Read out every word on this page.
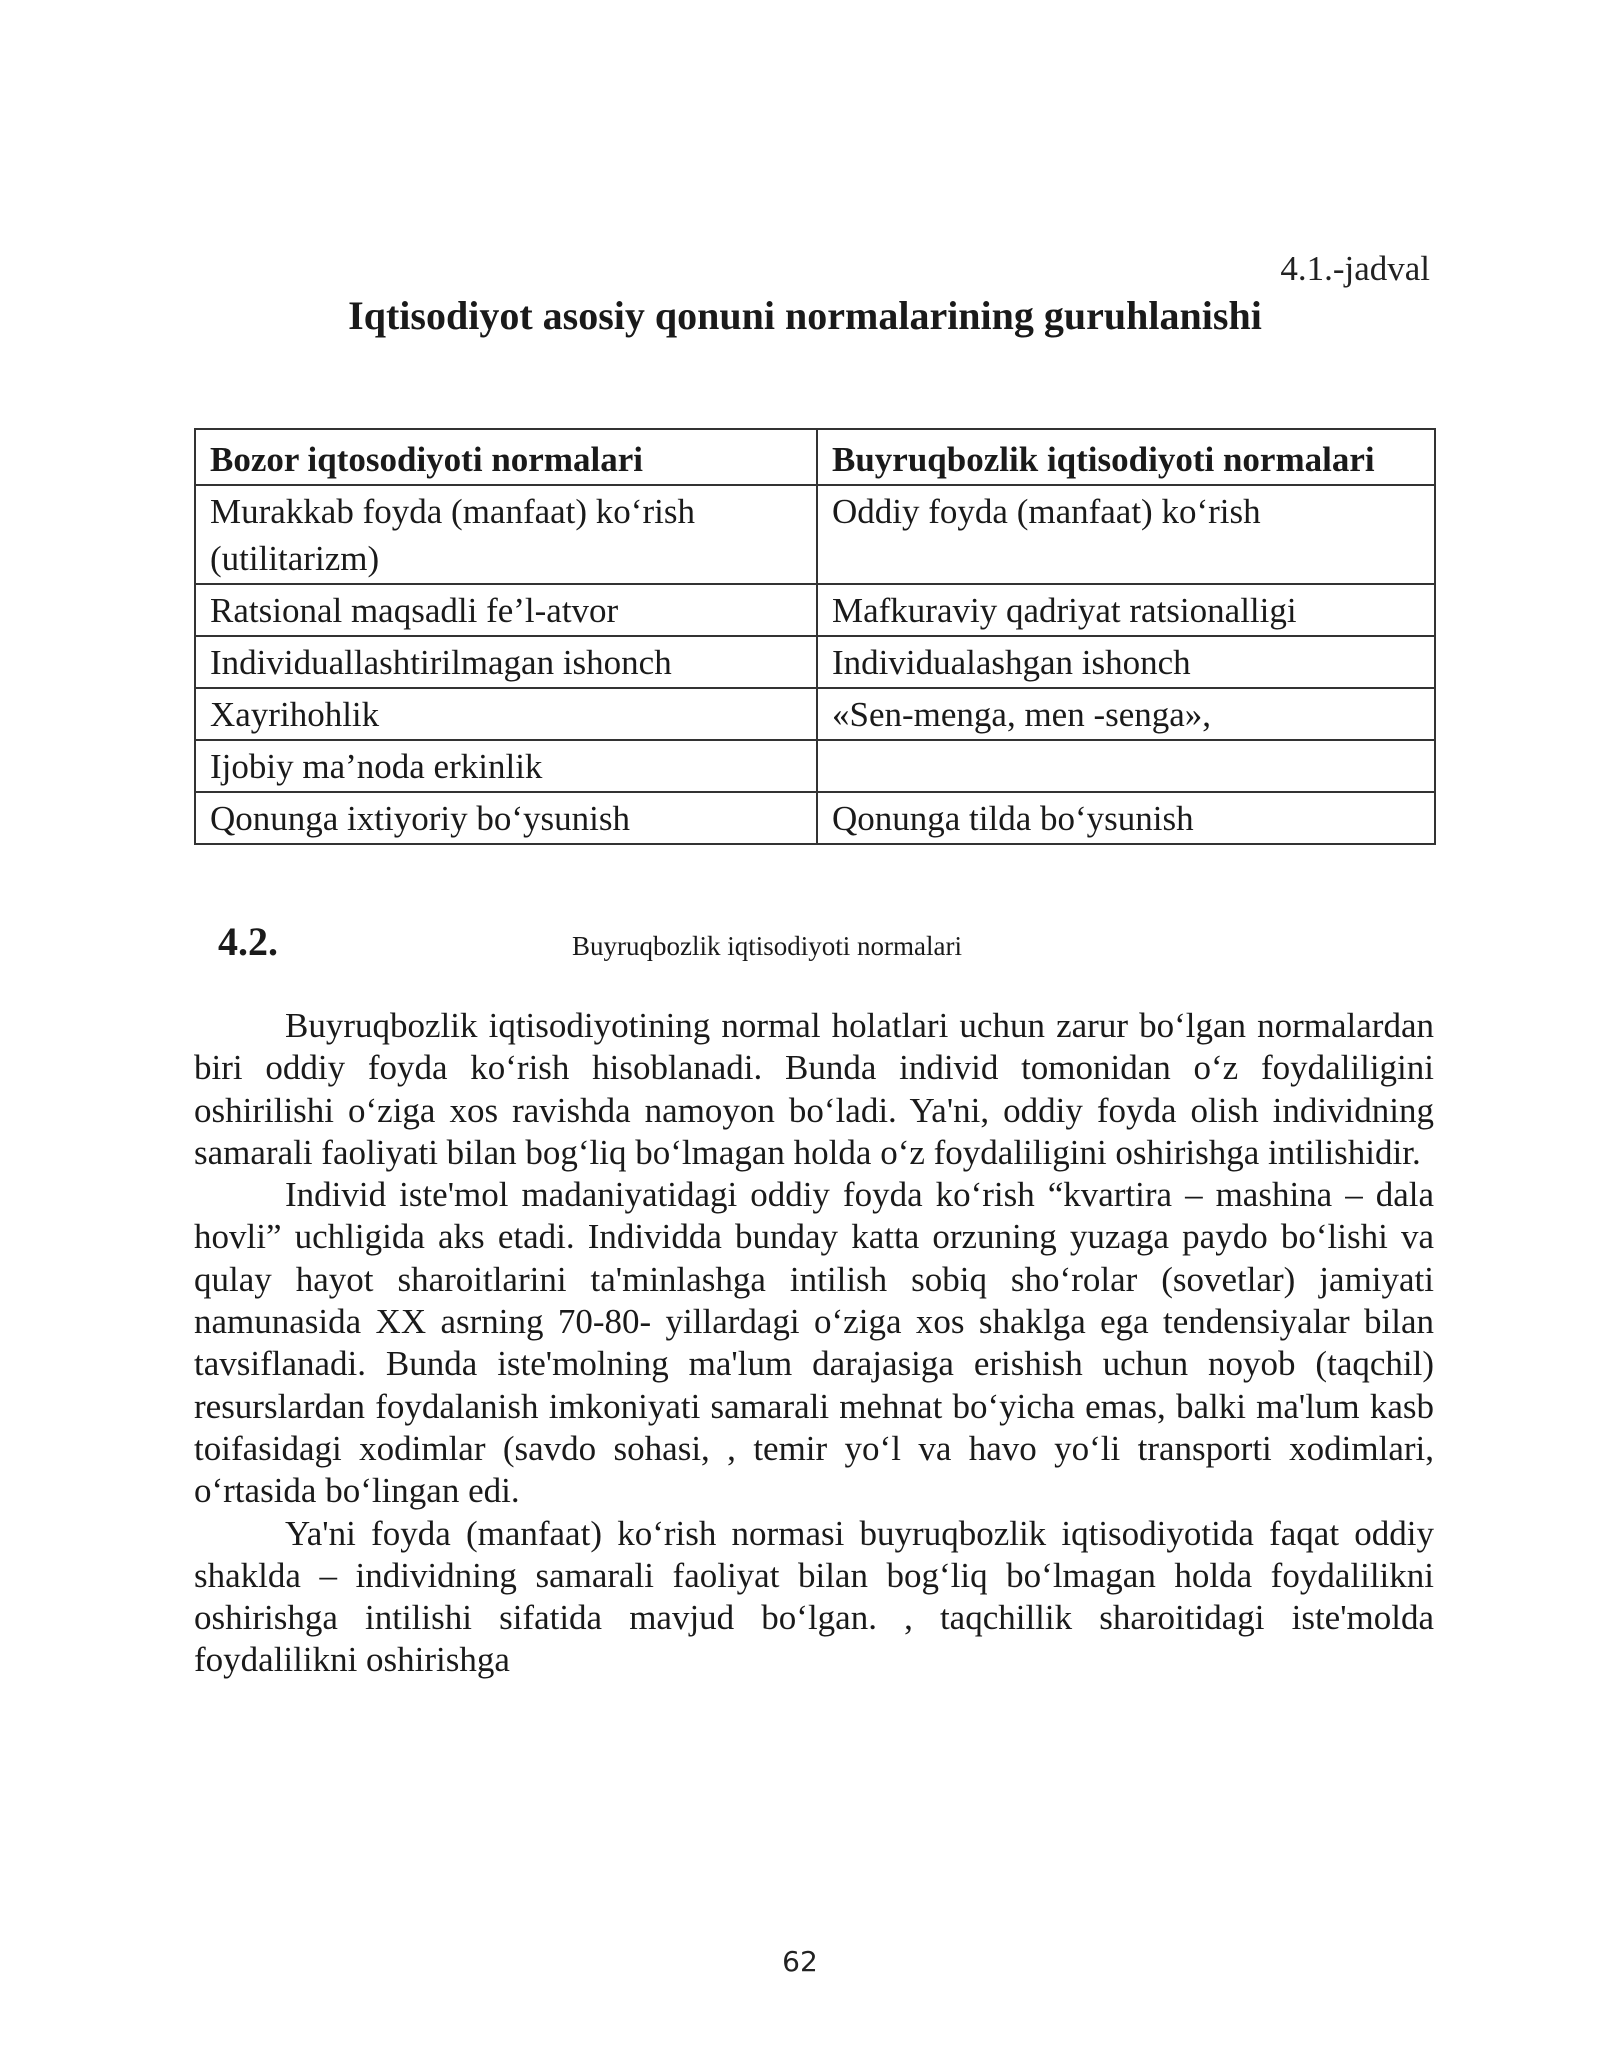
4.1.-jadval
Iqtisodiyot asosiy qonuni normalarining guruhlanishi
Bozor iqtosodiyoti normalari	Buyruqbozlik iqtisodiyoti normalari
Murakkab foyda (manfaat) ko‘rish (utilitarizm)	Oddiy foyda (manfaat) ko‘rish
Ratsional maqsadli fe’l-atvor	Mafkuraviy qadriyat ratsionalligi
Individuallashtirilmagan ishonch	Individualashgan ishonch
Xayrihohlik	«Sen-menga, men -senga»,
Ijobiy ma’noda erkinlik	
Qonunga ixtiyoriy bo‘ysunish	Qonunga tilda bo‘ysunish
4.2.	Buyruqbozlik iqtisodiyoti normalari

Buyruqbozlik iqtisodiyotining normal holatlari uchun zarur bo‘lgan normalardan biri oddiy foyda ko‘rish hisoblanadi. Bunda individ tomonidan o‘z foydaliligini oshirilishi o‘ziga xos ravishda namoyon bo‘ladi. Ya'ni, oddiy foyda olish individning samarali faoliyati bilan bog‘liq bo‘lmagan holda o‘z foydaliligini oshirishga intilishidir.

Individ iste'mol madaniyatidagi oddiy foyda ko‘rish “kvartira – mashina – dala hovli” uchligida aks etadi. Individda bunday katta orzuning yuzaga paydo bo‘lishi va qulay hayot sharoitlarini ta'minlashga intilish sobiq sho‘rolar (sovetlar) jamiyati namunasida XX asrning 70-80- yillardagi o‘ziga xos shaklga ega tendensiyalar bilan tavsiflanadi. Bunda iste'molning ma'lum darajasiga erishish uchun noyob (taqchil) resurslardan foydalanish imkoniyati samarali mehnat bo‘yicha emas, balki ma'lum kasb toifasidagi xodimlar (savdo sohasi, , temir yo‘l va havo yo‘li transporti xodimlari, o‘rtasida bo‘lingan edi.

Ya'ni foyda (manfaat) ko‘rish normasi buyruqbozlik iqtisodiyotida faqat oddiy shaklda – individning samarali faoliyat bilan bog‘liq bo‘lmagan holda foydalilikni oshirishga intilishi sifatida mavjud bo‘lgan. , taqchillik sharoitidagi iste'molda foydalilikni oshirishga

62
